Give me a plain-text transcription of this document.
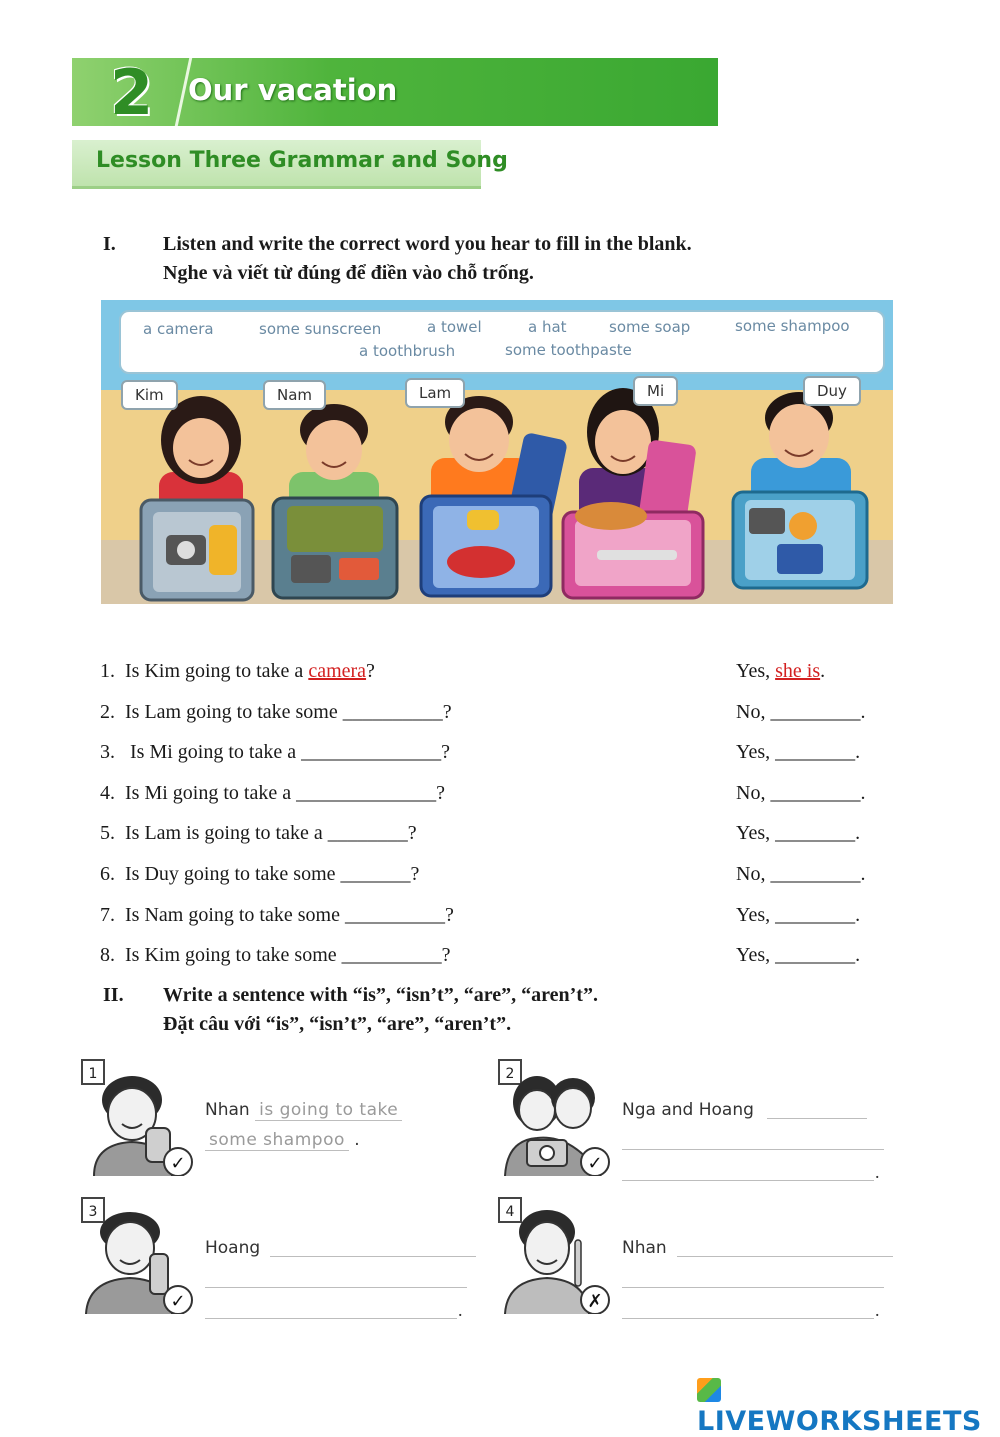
2 Our vacation
Lesson Three Grammar and Song
I. Listen and write the correct word you hear to fill in the blank.
Nghe và viết từ đúng để điền vào chỗ trống.
a camera	some sunscreen	a towel	a hat	some soap	some shampoo
a toothbrush	some toothpaste
Kim	Nam	Lam	Mi	Duy
1. Is Kim going to take a camera?	Yes, she is.
2. Is Lam going to take some __________?	No, _________.
3.   Is Mi going to take a ______________?	Yes, ________.
4. Is Mi going to take a ______________?	No, _________.
5. Is Lam is going to take a ________?	Yes, ________.
6. Is Duy going to take some _______?	No, _________.
7. Is Nam going to take some __________?	Yes, ________.
8. Is Kim going to take some __________?	Yes, ________.
II. Write a sentence with “is”, “isn’t”, “are”, “aren’t”.
Đặt câu với “is”, “isn’t”, “are”, “aren’t”.
1
✓
Nhan is going to take
some shampoo .
2
✓
Nga and Hoang
.
3
✓
Hoang
.
4
✗
Nhan
.
LIVEWORKSHEETS
